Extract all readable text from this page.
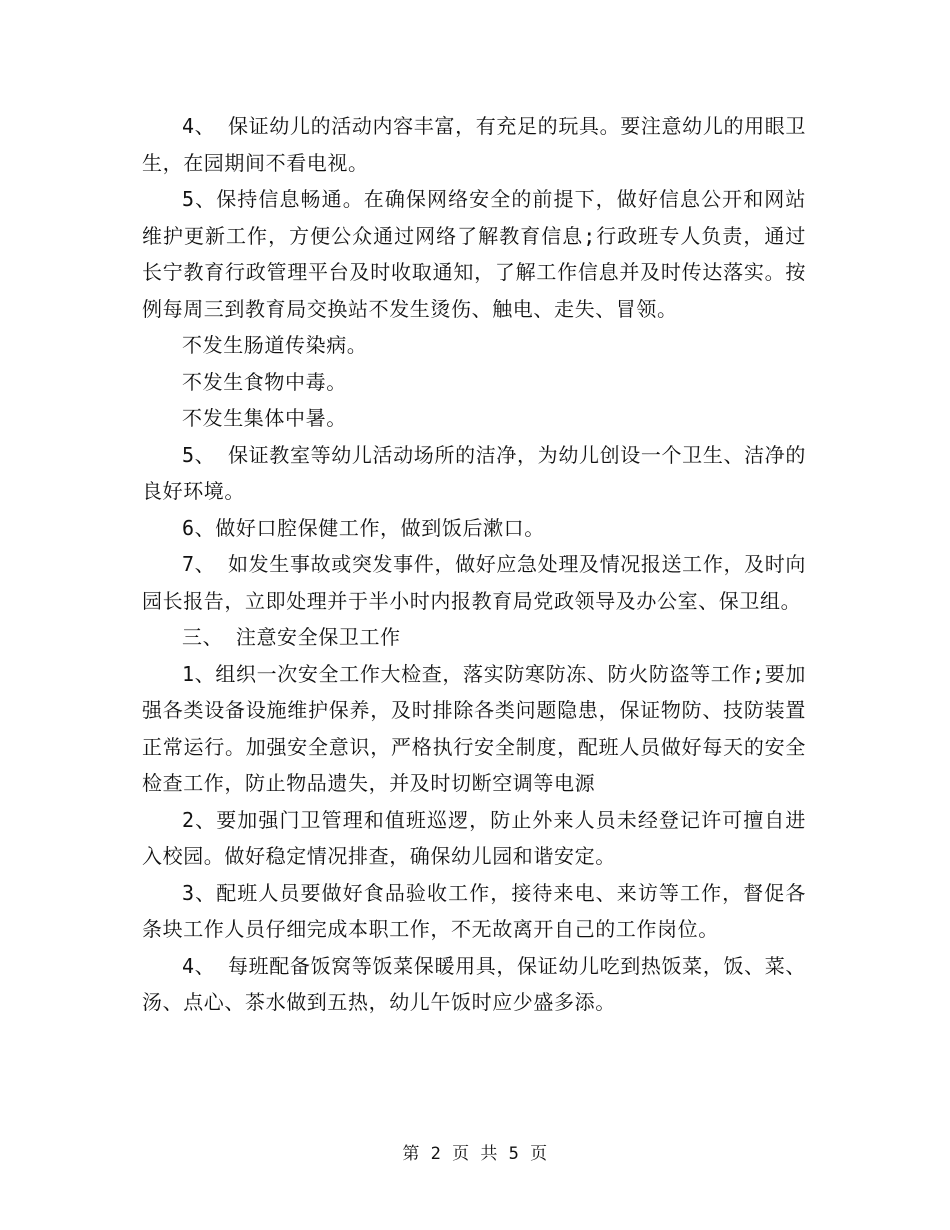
4、 保证幼儿的活动内容丰富，有充足的玩具。要注意幼儿的用眼卫生，在园期间不看电视。

5、保持信息畅通。在确保网络安全的前提下，做好信息公开和网站维护更新工作，方便公众通过网络了解教育信息;行政班专人负责，通过长宁教育行政管理平台及时收取通知，了解工作信息并及时传达落实。按例每周三到教育局交换站不发生烫伤、触电、走失、冒领。

不发生肠道传染病。

不发生食物中毒。

不发生集体中暑。

5、 保证教室等幼儿活动场所的洁净，为幼儿创设一个卫生、洁净的良好环境。

6、做好口腔保健工作，做到饭后漱口。

7、 如发生事故或突发事件，做好应急处理及情况报送工作，及时向园长报告，立即处理并于半小时内报教育局党政领导及办公室、保卫组。

三、 注意安全保卫工作

1、组织一次安全工作大检查，落实防寒防冻、防火防盗等工作;要加强各类设备设施维护保养，及时排除各类问题隐患，保证物防、技防装置正常运行。加强安全意识，严格执行安全制度，配班人员做好每天的安全检查工作，防止物品遗失，并及时切断空调等电源

2、要加强门卫管理和值班巡逻，防止外来人员未经登记许可擅自进入校园。做好稳定情况排查，确保幼儿园和谐安定。

3、配班人员要做好食品验收工作，接待来电、来访等工作，督促各条块工作人员仔细完成本职工作，不无故离开自己的工作岗位。

4、 每班配备饭窝等饭菜保暖用具，保证幼儿吃到热饭菜，饭、菜、汤、点心、茶水做到五热，幼儿午饭时应少盛多添。

第 2 页 共 5 页
